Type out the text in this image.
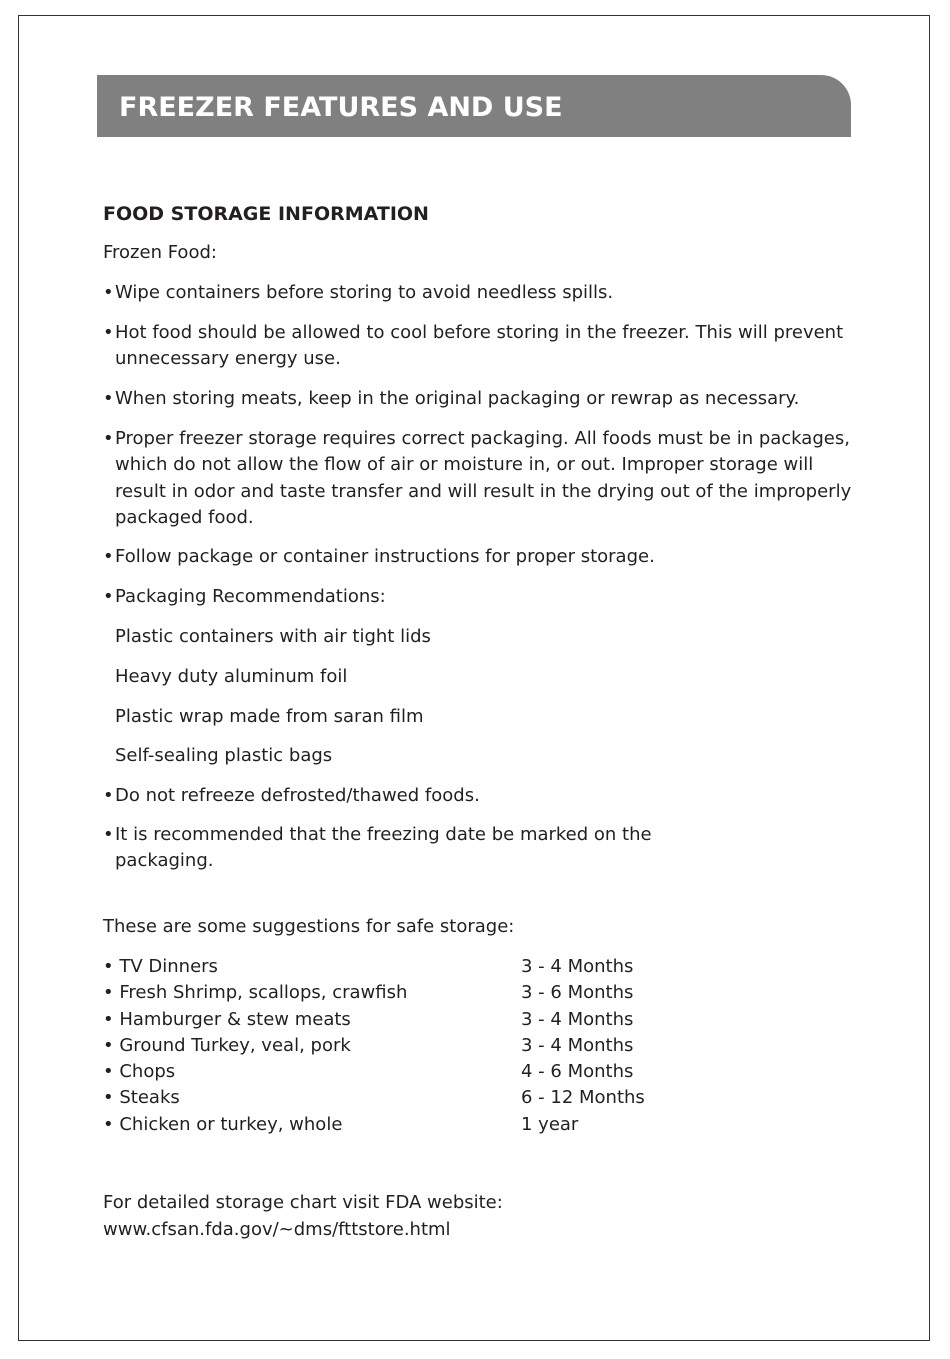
FREEZER FEATURES AND USE
FOOD STORAGE INFORMATION

Frozen Food:

•Wipe containers before storing to avoid needless spills.

•Hot food should be allowed to cool before storing in the freezer. This will prevent unnecessary energy use.

•When storing meats, keep in the original packaging or rewrap as necessary.

•Proper freezer storage requires correct packaging. All foods must be in packages, which do not allow the flow of air or moisture in, or out. Improper storage will result in odor and taste transfer and will result in the drying out of the improperly packaged food.

•Follow package or container instructions for proper storage.

•Packaging Recommendations:

Plastic containers with air tight lids

Heavy duty aluminum foil

Plastic wrap made from saran film

Self-sealing plastic bags

•Do not refreeze defrosted/thawed foods.

•It is recommended that the freezing date be marked on the packaging.

These are some suggestions for safe storage:

• TV Dinners	3 - 4 Months
• Fresh Shrimp, scallops, crawfish	3 - 6 Months
• Hamburger & stew meats	3 - 4 Months
• Ground Turkey, veal, pork	3 - 4 Months
• Chops	4 - 6 Months
• Steaks	6 - 12 Months
• Chicken or turkey, whole	1 year

For detailed storage chart visit FDA website:

www.cfsan.fda.gov/~dms/fttstore.html
